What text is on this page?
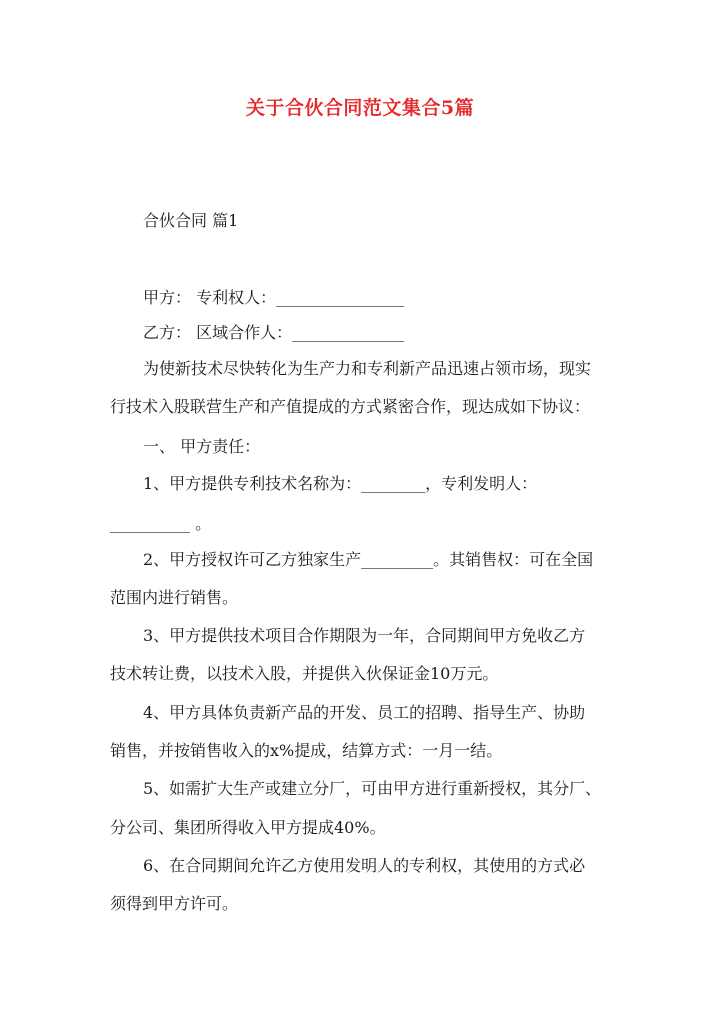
关于合伙合同范文集合5篇
合伙合同 篇1
甲方： 专利权人：________________
乙方： 区域合作人：______________
为使新技术尽快转化为生产力和专利新产品迅速占领市场，现实
行技术入股联营生产和产值提成的方式紧密合作，现达成如下协议：
一、 甲方责任：
1、甲方提供专利技术名称为：________，专利发明人：
__________ 。
2、甲方授权许可乙方独家生产_________。其销售权：可在全国
范围内进行销售。
3、甲方提供技术项目合作期限为一年，合同期间甲方免收乙方
技术转让费，以技术入股，并提供入伙保证金10万元。
4、甲方具体负责新产品的开发、员工的招聘、指导生产、协助
销售，并按销售收入的x%提成，结算方式：一月一结。
5、如需扩大生产或建立分厂，可由甲方进行重新授权，其分厂、
分公司、集团所得收入甲方提成40%。
6、在合同期间允许乙方使用发明人的专利权，其使用的方式必
须得到甲方许可。
